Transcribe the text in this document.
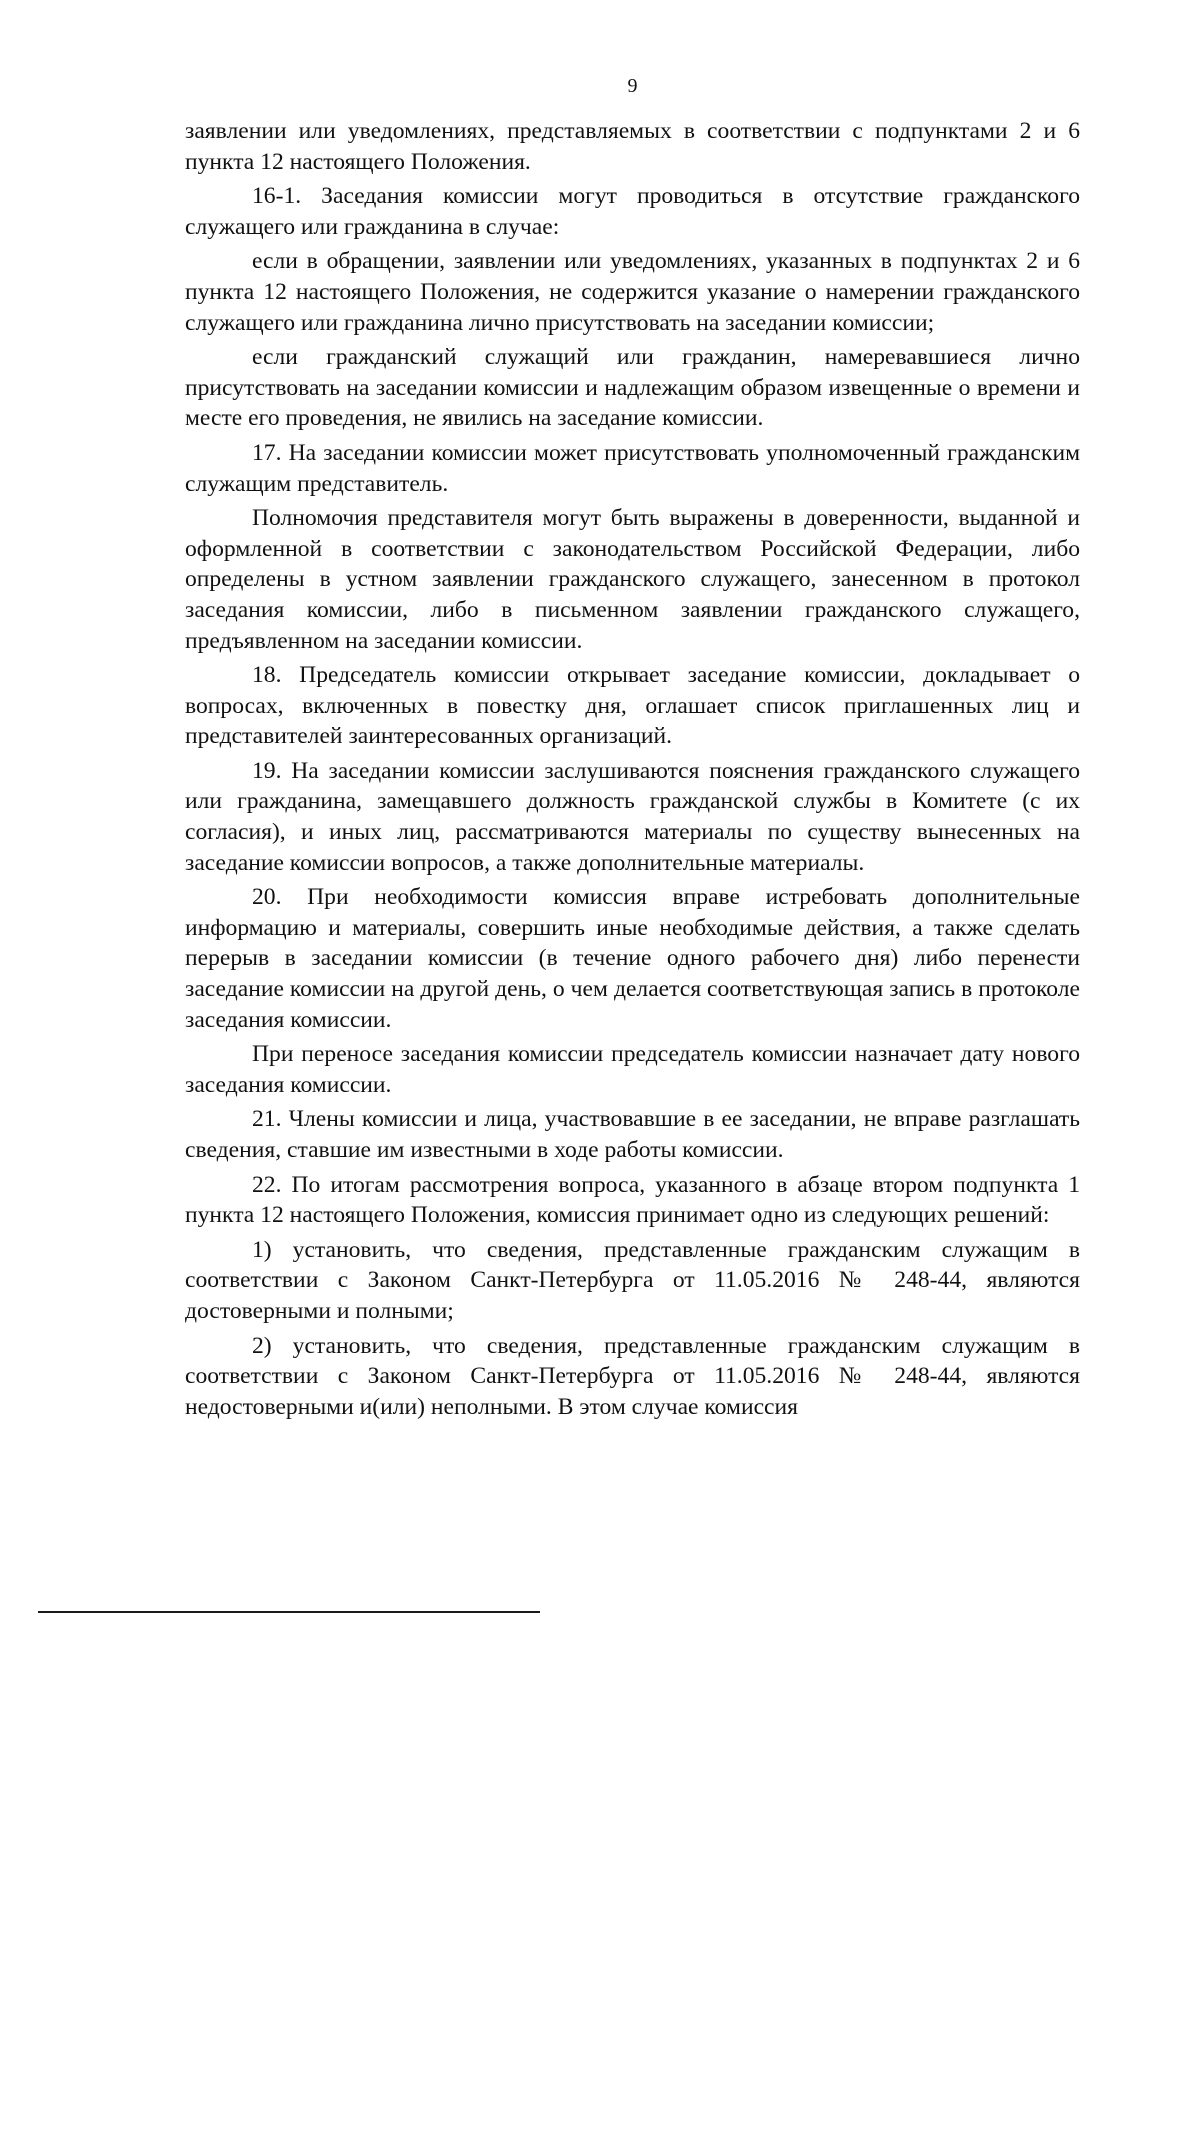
9

заявлении или уведомлениях, представляемых в соответствии с подпунктами 2 и 6 пункта 12 настоящего Положения.

16-1. Заседания комиссии могут проводиться в отсутствие гражданского служащего или гражданина в случае:

если в обращении, заявлении или уведомлениях, указанных в подпунктах 2 и 6 пункта 12 настоящего Положения, не содержится указание о намерении гражданского служащего или гражданина лично присутствовать на заседании комиссии;

если гражданский служащий или гражданин, намеревавшиеся лично присутствовать на заседании комиссии и надлежащим образом извещенные о времени и месте его проведения, не явились на заседание комиссии.

17. На заседании комиссии может присутствовать уполномоченный гражданским служащим представитель.

Полномочия представителя могут быть выражены в доверенности, выданной и оформленной в соответствии с законодательством Российской Федерации, либо определены в устном заявлении гражданского служащего, занесенном в протокол заседания комиссии, либо в письменном заявлении гражданского служащего, предъявленном на заседании комиссии.

18. Председатель комиссии открывает заседание комиссии, докладывает о вопросах, включенных в повестку дня, оглашает список приглашенных лиц и представителей заинтересованных организаций.

19. На заседании комиссии заслушиваются пояснения гражданского служащего или гражданина, замещавшего должность гражданской службы в Комитете (с их согласия), и иных лиц, рассматриваются материалы по существу вынесенных на заседание комиссии вопросов, а также дополнительные материалы.

20. При необходимости комиссия вправе истребовать дополнительные информацию и материалы, совершить иные необходимые действия, а также сделать перерыв в заседании комиссии (в течение одного рабочего дня) либо перенести заседание комиссии на другой день, о чем делается соответствующая запись в протоколе заседания комиссии.

При переносе заседания комиссии председатель комиссии назначает дату нового заседания комиссии.

21. Члены комиссии и лица, участвовавшие в ее заседании, не вправе разглашать сведения, ставшие им известными в ходе работы комиссии.

22. По итогам рассмотрения вопроса, указанного в абзаце втором подпункта 1 пункта 12 настоящего Положения, комиссия принимает одно из следующих решений:

1) установить, что сведения, представленные гражданским служащим в соответствии с Законом Санкт-Петербурга от 11.05.2016 № 248-44, являются достоверными и полными;

2) установить, что сведения, представленные гражданским служащим в соответствии с Законом Санкт-Петербурга от 11.05.2016 № 248-44, являются недостоверными и(или) неполными. В этом случае комиссия
